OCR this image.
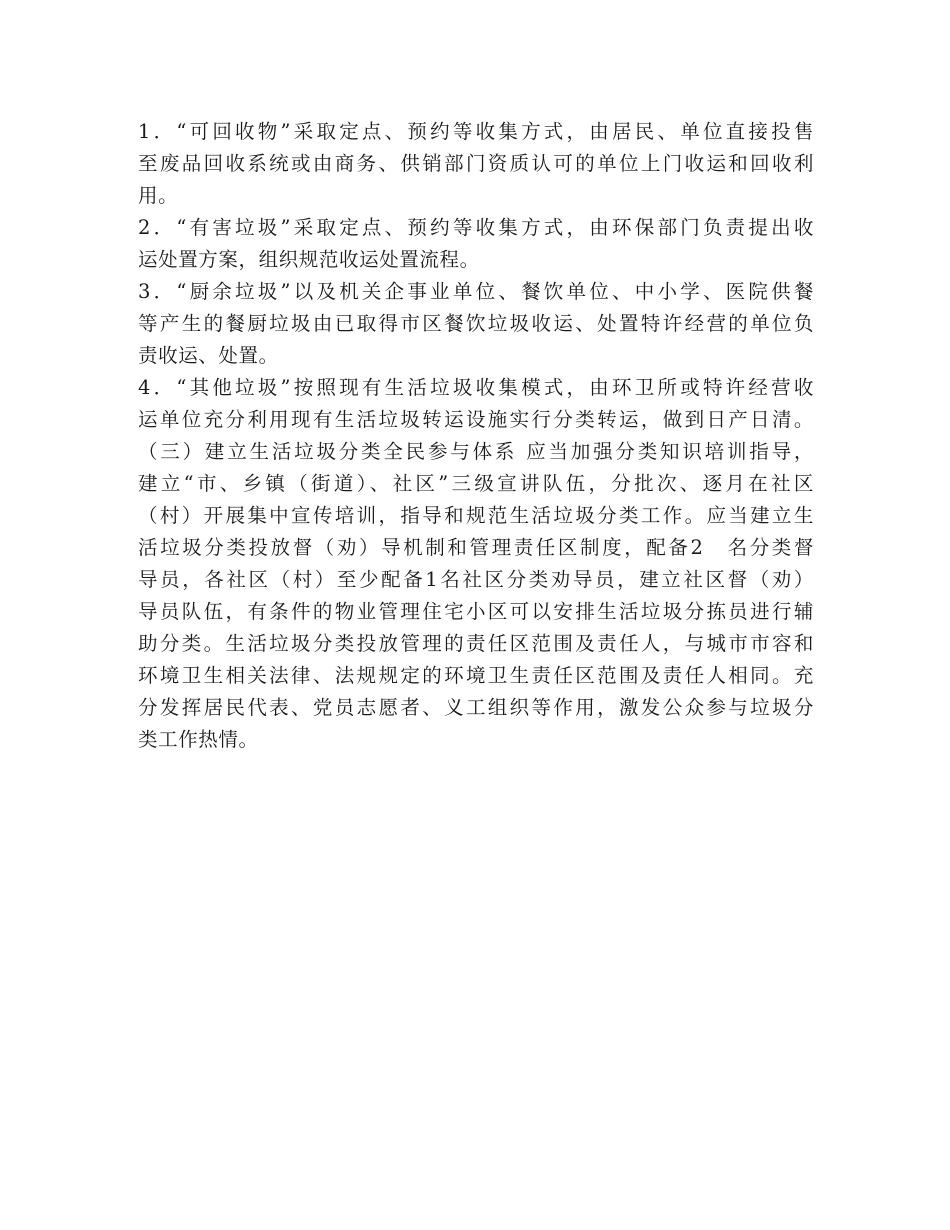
1．“可回收物”采取定点、预约等收集方式，由居民、单位直接投售
至废品回收系统或由商务、供销部门资质认可的单位上门收运和回收利
用。
2．“有害垃圾”采取定点、预约等收集方式，由环保部门负责提出收
运处置方案，组织规范收运处置流程。
3．“厨余垃圾”以及机关企事业单位、餐饮单位、中小学、医院供餐
等产生的餐厨垃圾由已取得市区餐饮垃圾收运、处置特许经营的单位负
责收运、处置。
4．“其他垃圾”按照现有生活垃圾收集模式，由环卫所或特许经营收
运单位充分利用现有生活垃圾转运设施实行分类转运，做到日产日清。
（三）建立生活垃圾分类全民参与体系 应当加强分类知识培训指导，
建立“市、乡镇（街道）、社区”三级宣讲队伍，分批次、逐月在社区
（村）开展集中宣传培训，指导和规范生活垃圾分类工作。应当建立生
活垃圾分类投放督（劝）导机制和管理责任区制度，配备2　名分类督
导员，各社区（村）至少配备1名社区分类劝导员，建立社区督（劝）
导员队伍，有条件的物业管理住宅小区可以安排生活垃圾分拣员进行辅
助分类。生活垃圾分类投放管理的责任区范围及责任人，与城市市容和
环境卫生相关法律、法规规定的环境卫生责任区范围及责任人相同。充
分发挥居民代表、党员志愿者、义工组织等作用，激发公众参与垃圾分
类工作热情。
